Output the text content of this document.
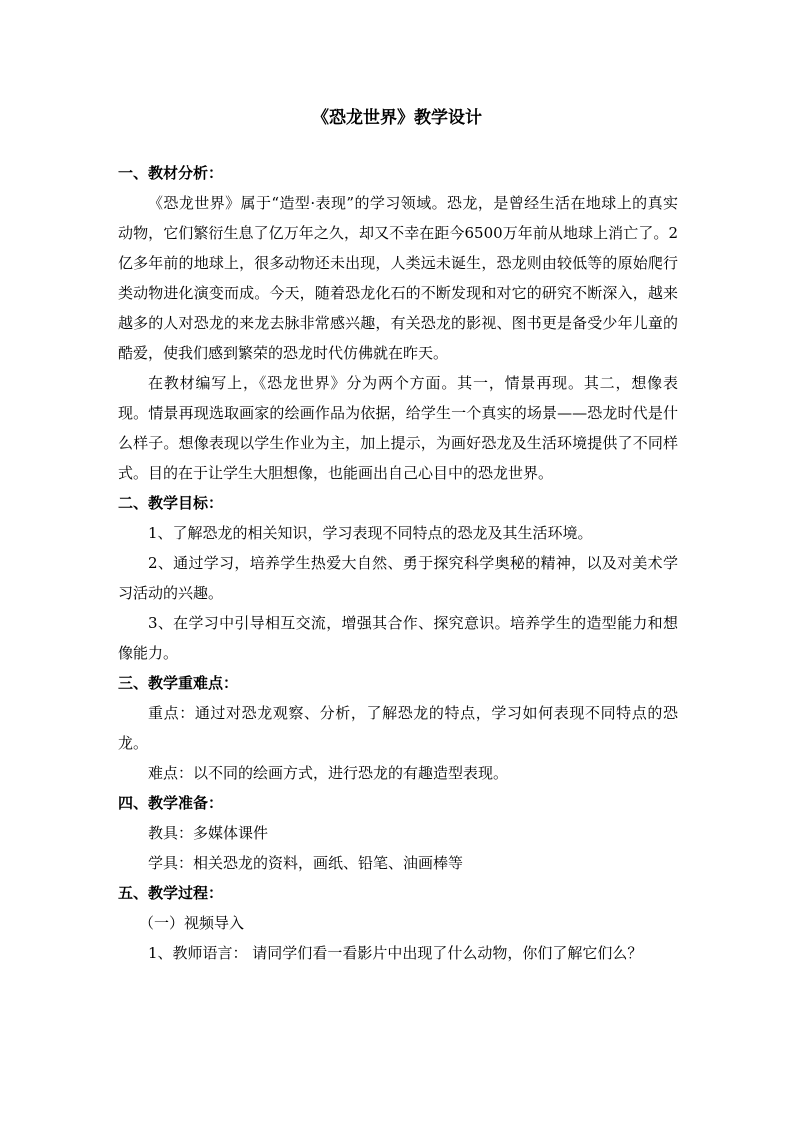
《恐龙世界》教学设计

一、教材分析：

《恐龙世界》属于“造型·表现”的学习领域。恐龙，是曾经生活在地球上的真实动物，它们繁衍生息了亿万年之久，却又不幸在距今6500万年前从地球上消亡了。2亿多年前的地球上，很多动物还未出现，人类远未诞生，恐龙则由较低等的原始爬行类动物进化演变而成。今天，随着恐龙化石的不断发现和对它的研究不断深入，越来越多的人对恐龙的来龙去脉非常感兴趣，有关恐龙的影视、图书更是备受少年儿童的酷爱，使我们感到繁荣的恐龙时代仿佛就在昨天。

在教材编写上，《恐龙世界》分为两个方面。其一，情景再现。其二，想像表现。情景再现选取画家的绘画作品为依据，给学生一个真实的场景——恐龙时代是什么样子。想像表现以学生作业为主，加上提示，为画好恐龙及生活环境提供了不同样式。目的在于让学生大胆想像，也能画出自己心目中的恐龙世界。

二、教学目标：

1、了解恐龙的相关知识，学习表现不同特点的恐龙及其生活环境。

2、通过学习，培养学生热爱大自然、勇于探究科学奥秘的精神，以及对美术学习活动的兴趣。

3、在学习中引导相互交流，增强其合作、探究意识。培养学生的造型能力和想像能力。

三、教学重难点：

重点：通过对恐龙观察、分析，了解恐龙的特点，学习如何表现不同特点的恐龙。

难点：以不同的绘画方式，进行恐龙的有趣造型表现。

四、教学准备：

教具：多媒体课件

学具：相关恐龙的资料，画纸、铅笔、油画棒等

五、教学过程：

（一）视频导入

1、教师语言： 请同学们看一看影片中出现了什么动物，你们了解它们么？
